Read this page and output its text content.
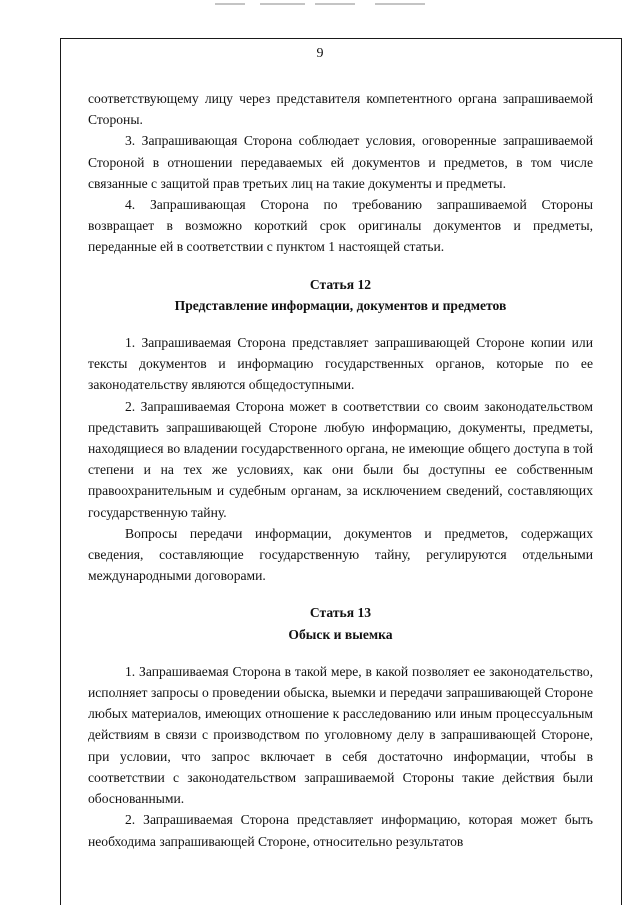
9

соответствующему лицу через представителя компетентного органа запрашиваемой Стороны.

3. Запрашивающая Сторона соблюдает условия, оговоренные запрашиваемой Стороной в отношении передаваемых ей документов и предметов, в том числе связанные с защитой прав третьих лиц на такие документы и предметы.

4. Запрашивающая Сторона по требованию запрашиваемой Стороны возвращает в возможно короткий срок оригиналы документов и предметы, переданные ей в соответствии с пунктом 1 настоящей статьи.

Статья 12

Представление информации, документов и предметов

1. Запрашиваемая Сторона представляет запрашивающей Стороне копии или тексты документов и информацию государственных органов, которые по ее законодательству являются общедоступными.

2. Запрашиваемая Сторона может в соответствии со своим законодательством представить запрашивающей Стороне любую информацию, документы, предметы, находящиеся во владении государственного органа, не имеющие общего доступа в той степени и на тех же условиях, как они были бы доступны ее собственным правоохранительным и судебным органам, за исключением сведений, составляющих государственную тайну.

Вопросы передачи информации, документов и предметов, содержащих сведения, составляющие государственную тайну, регулируются отдельными международными договорами.

Статья 13

Обыск и выемка

1. Запрашиваемая Сторона в такой мере, в какой позволяет ее законодательство, исполняет запросы о проведении обыска, выемки и передачи запрашивающей Стороне любых материалов, имеющих отношение к расследованию или иным процессуальным действиям в связи с производством по уголовному делу в запрашивающей Стороне, при условии, что запрос включает в себя достаточно информации, чтобы в соответствии с законодательством запрашиваемой Стороны такие действия были обоснованными.

2. Запрашиваемая Сторона представляет информацию, которая может быть необходима запрашивающей Стороне, относительно результатов
